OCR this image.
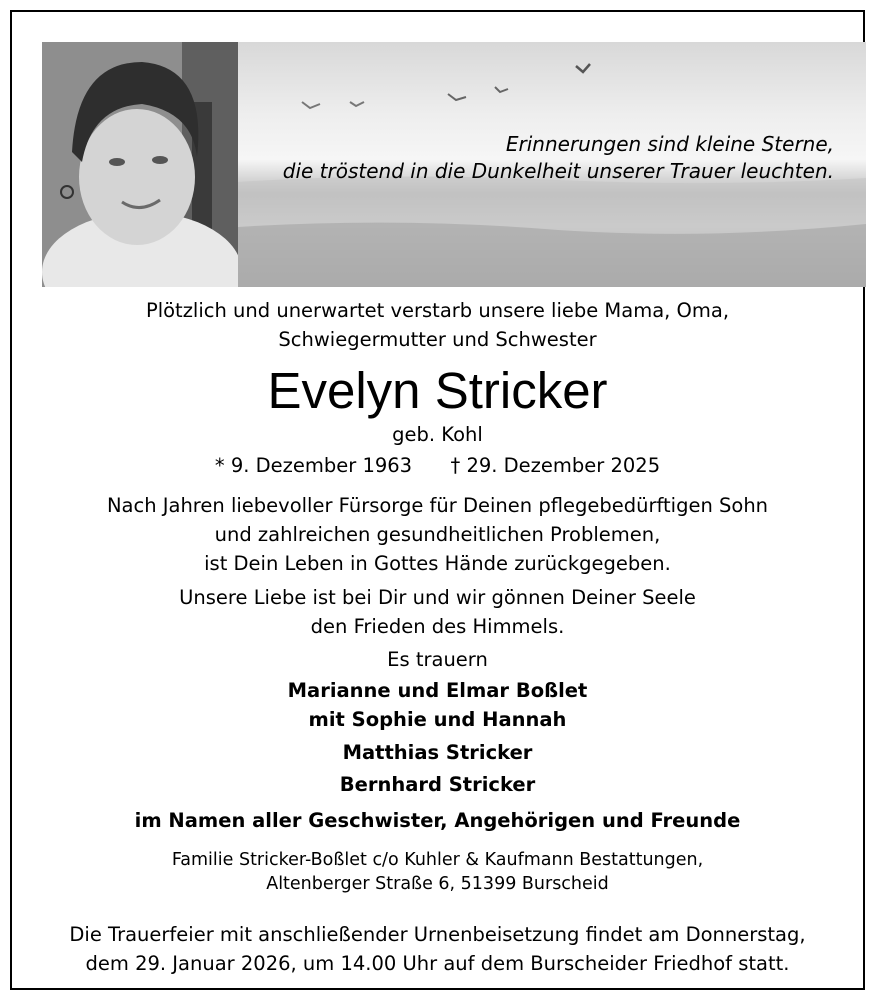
Erinnerungen sind kleine Sterne,
die tröstend in die Dunkelheit unserer Trauer leuchten.
Plötzlich und unerwartet verstarb unsere liebe Mama, Oma,
Schwiegermutter und Schwester
Evelyn Stricker
geb. Kohl
* 9. Dezember 1963 † 29. Dezember 2025
Nach Jahren liebevoller Fürsorge für Deinen pflegebedürftigen Sohn
und zahlreichen gesundheitlichen Problemen,
ist Dein Leben in Gottes Hände zurückgegeben.
Unsere Liebe ist bei Dir und wir gönnen Deiner Seele
den Frieden des Himmels.
Es trauern
Marianne und Elmar Boßlet
mit Sophie und Hannah
Matthias Stricker
Bernhard Stricker
im Namen aller Geschwister, Angehörigen und Freunde
Familie Stricker-Boßlet c/o Kuhler & Kaufmann Bestattungen,
Altenberger Straße 6, 51399 Burscheid
Die Trauerfeier mit anschließender Urnenbeisetzung findet am Donnerstag,
dem 29. Januar 2026, um 14.00 Uhr auf dem Burscheider Friedhof statt.
